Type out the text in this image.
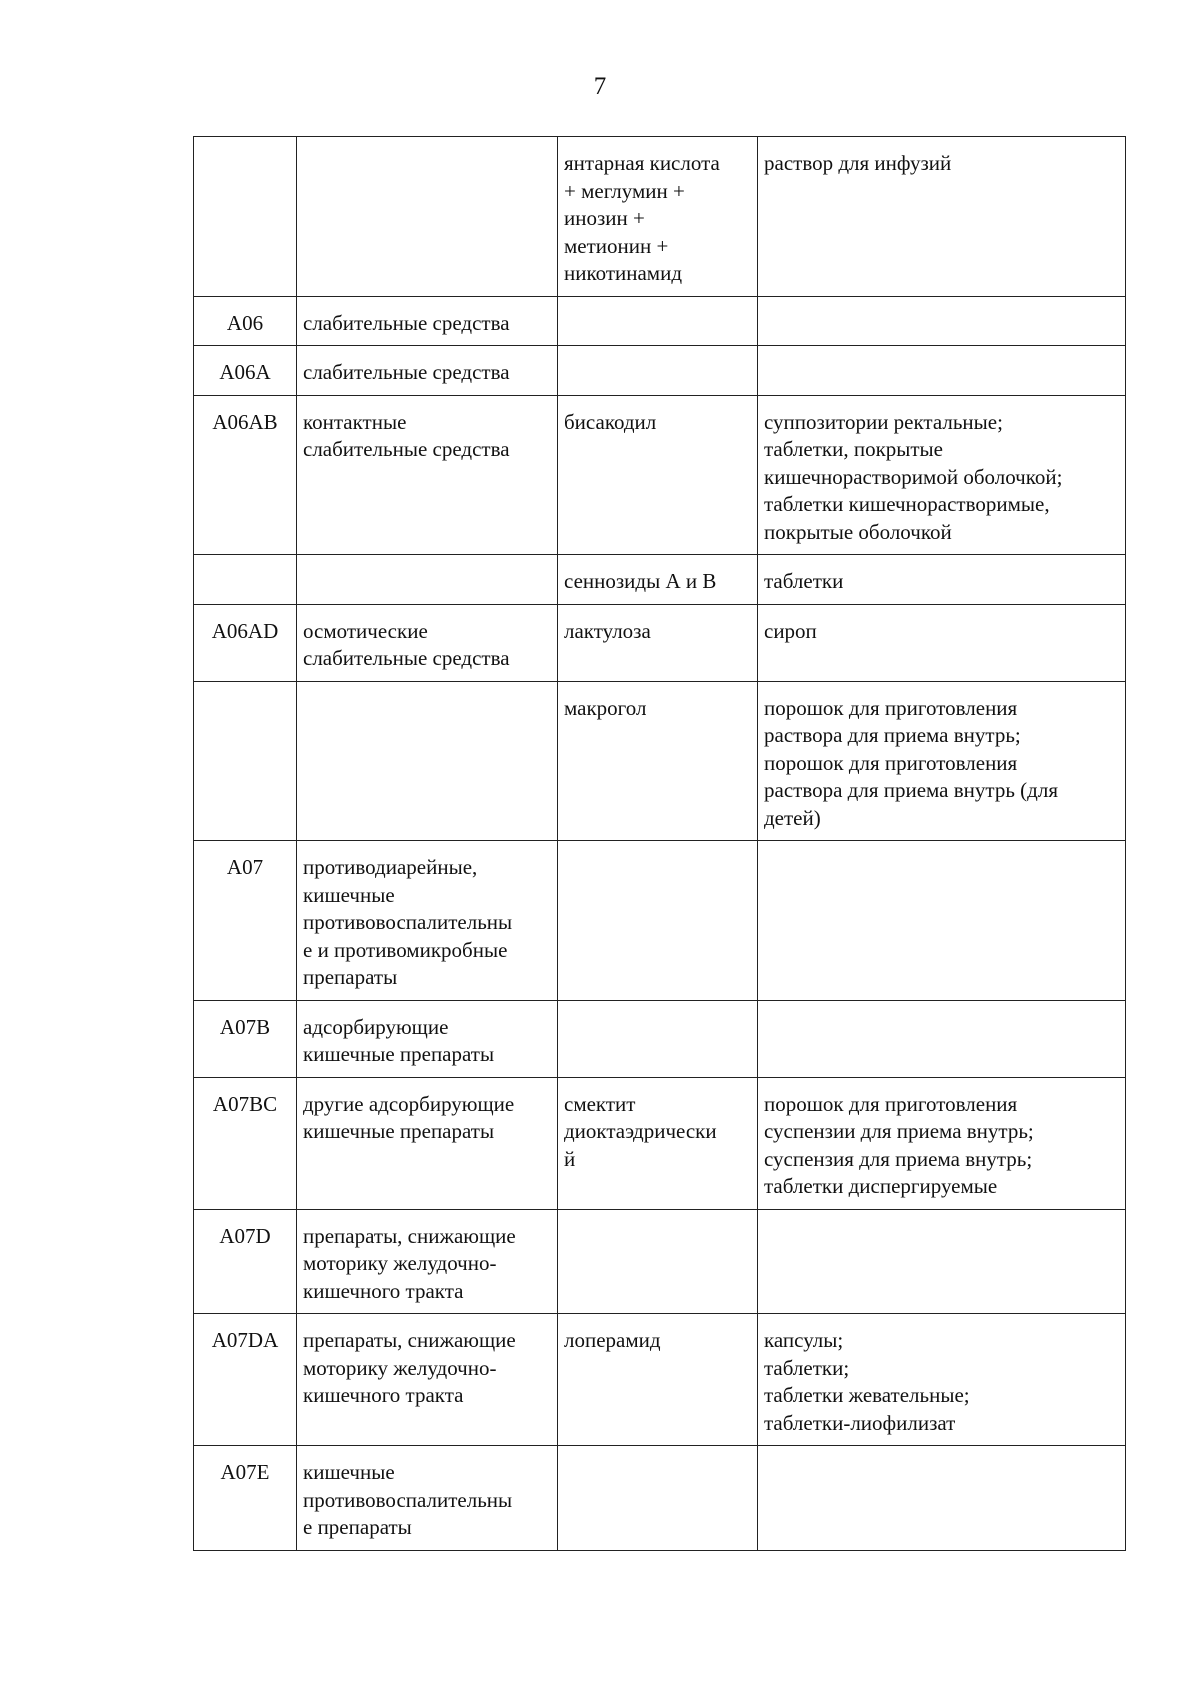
7

		янтарная кислота
+ меглумин +
инозин +
метионин +
никотинамид	раствор для инфузий

A06	слабительные средства		

A06A	слабительные средства		

A06AB	контактные
слабительные средства	бисакодил	суппозитории ректальные;
таблетки, покрытые
кишечнорастворимой оболочкой;
таблетки кишечнорастворимые,
покрытые оболочкой

		сеннозиды А и В	таблетки

A06AD	осмотические
слабительные средства	лактулоза	сироп

		макрогол	порошок для приготовления
раствора для приема внутрь;
порошок для приготовления
раствора для приема внутрь (для
детей)

A07	противодиарейные,
кишечные
противовоспалительны
е и противомикробные
препараты		

A07B	адсорбирующие
кишечные препараты		

A07BC	другие адсорбирующие
кишечные препараты	смектит
диоктаэдрически
й	порошок для приготовления
суспензии для приема внутрь;
суспензия для приема внутрь;
таблетки диспергируемые

A07D	препараты, снижающие
моторику желудочно-
кишечного тракта		

A07DA	препараты, снижающие
моторику желудочно-
кишечного тракта	лоперамид	капсулы;
таблетки;
таблетки жевательные;
таблетки-лиофилизат

A07E	кишечные
противовоспалительны
е препараты		
